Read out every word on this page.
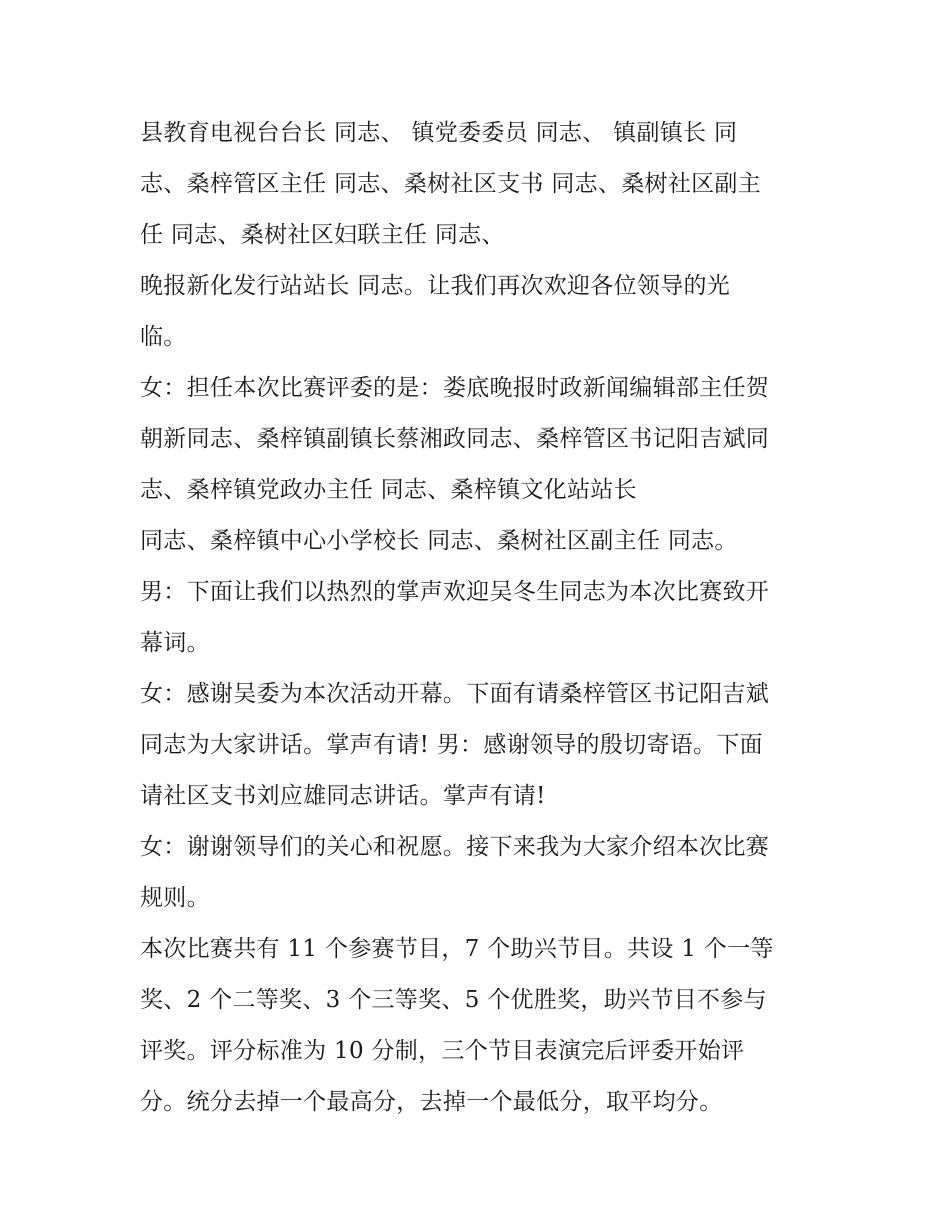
县教育电视台台长 同志、 镇党委委员 同志、 镇副镇长 同
志、桑梓管区主任 同志、桑树社区支书 同志、桑树社区副主
任 同志、桑树社区妇联主任 同志、
晚报新化发行站站长 同志。让我们再次欢迎各位领导的光
临。
女：担任本次比赛评委的是：娄底晚报时政新闻编辑部主任贺
朝新同志、桑梓镇副镇长蔡湘政同志、桑梓管区书记阳吉斌同
志、桑梓镇党政办主任 同志、桑梓镇文化站站长
同志、桑梓镇中心小学校长 同志、桑树社区副主任 同志。
男：下面让我们以热烈的掌声欢迎吴冬生同志为本次比赛致开
幕词。
女：感谢吴委为本次活动开幕。下面有请桑梓管区书记阳吉斌
同志为大家讲话。掌声有请! 男：感谢领导的殷切寄语。下面
请社区支书刘应雄同志讲话。掌声有请!
女：谢谢领导们的关心和祝愿。接下来我为大家介绍本次比赛
规则。
本次比赛共有 11 个参赛节目，7 个助兴节目。共设 1 个一等
奖、2 个二等奖、3 个三等奖、5 个优胜奖，助兴节目不参与
评奖。评分标准为 10 分制，三个节目表演完后评委开始评
分。统分去掉一个最高分，去掉一个最低分，取平均分。
